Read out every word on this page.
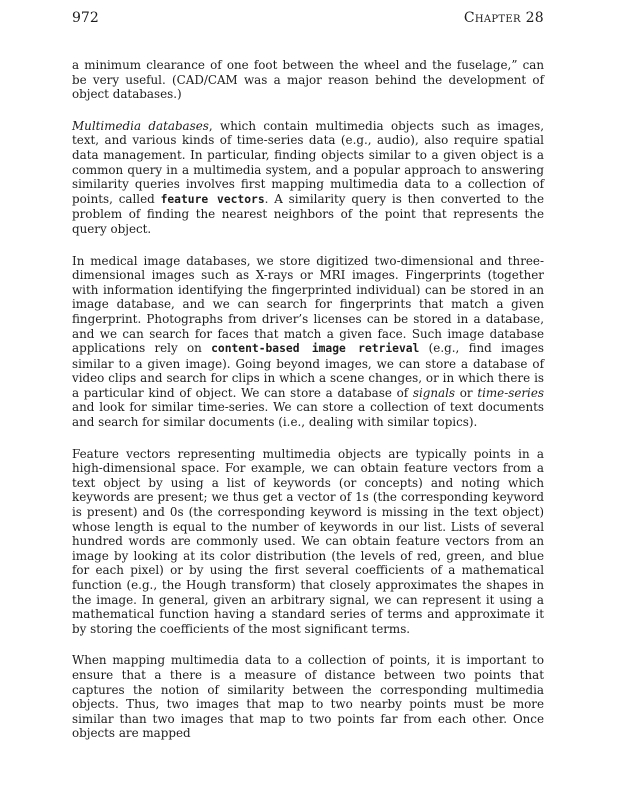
972	Chapter 28

a minimum clearance of one foot between the wheel and the fuselage,” can be very useful. (CAD/CAM was a major reason behind the development of object databases.)

Multimedia databases, which contain multimedia objects such as images, text, and various kinds of time-series data (e.g., audio), also require spatial data management. In particular, finding objects similar to a given object is a common query in a multimedia system, and a popular approach to answering similarity queries involves first mapping multimedia data to a collection of points, called feature vectors. A similarity query is then converted to the problem of finding the nearest neighbors of the point that represents the query object.

In medical image databases, we store digitized two-dimensional and three-dimensional images such as X-rays or MRI images. Fingerprints (together with information identifying the fingerprinted individual) can be stored in an image database, and we can search for fingerprints that match a given fingerprint. Photographs from driver’s licenses can be stored in a database, and we can search for faces that match a given face. Such image database applications rely on content-based image retrieval (e.g., find images similar to a given image). Going beyond images, we can store a database of video clips and search for clips in which a scene changes, or in which there is a particular kind of object. We can store a database of signals or time-series and look for similar time-series. We can store a collection of text documents and search for similar documents (i.e., dealing with similar topics).

Feature vectors representing multimedia objects are typically points in a high-dimensional space. For example, we can obtain feature vectors from a text object by using a list of keywords (or concepts) and noting which keywords are present; we thus get a vector of 1s (the corresponding keyword is present) and 0s (the corresponding keyword is missing in the text object) whose length is equal to the number of keywords in our list. Lists of several hundred words are commonly used. We can obtain feature vectors from an image by looking at its color distribution (the levels of red, green, and blue for each pixel) or by using the first several coefficients of a mathematical function (e.g., the Hough transform) that closely approximates the shapes in the image. In general, given an arbitrary signal, we can represent it using a mathematical function having a standard series of terms and approximate it by storing the coefficients of the most significant terms.

When mapping multimedia data to a collection of points, it is important to ensure that a there is a measure of distance between two points that captures the notion of similarity between the corresponding multimedia objects. Thus, two images that map to two nearby points must be more similar than two images that map to two points far from each other. Once objects are mapped
